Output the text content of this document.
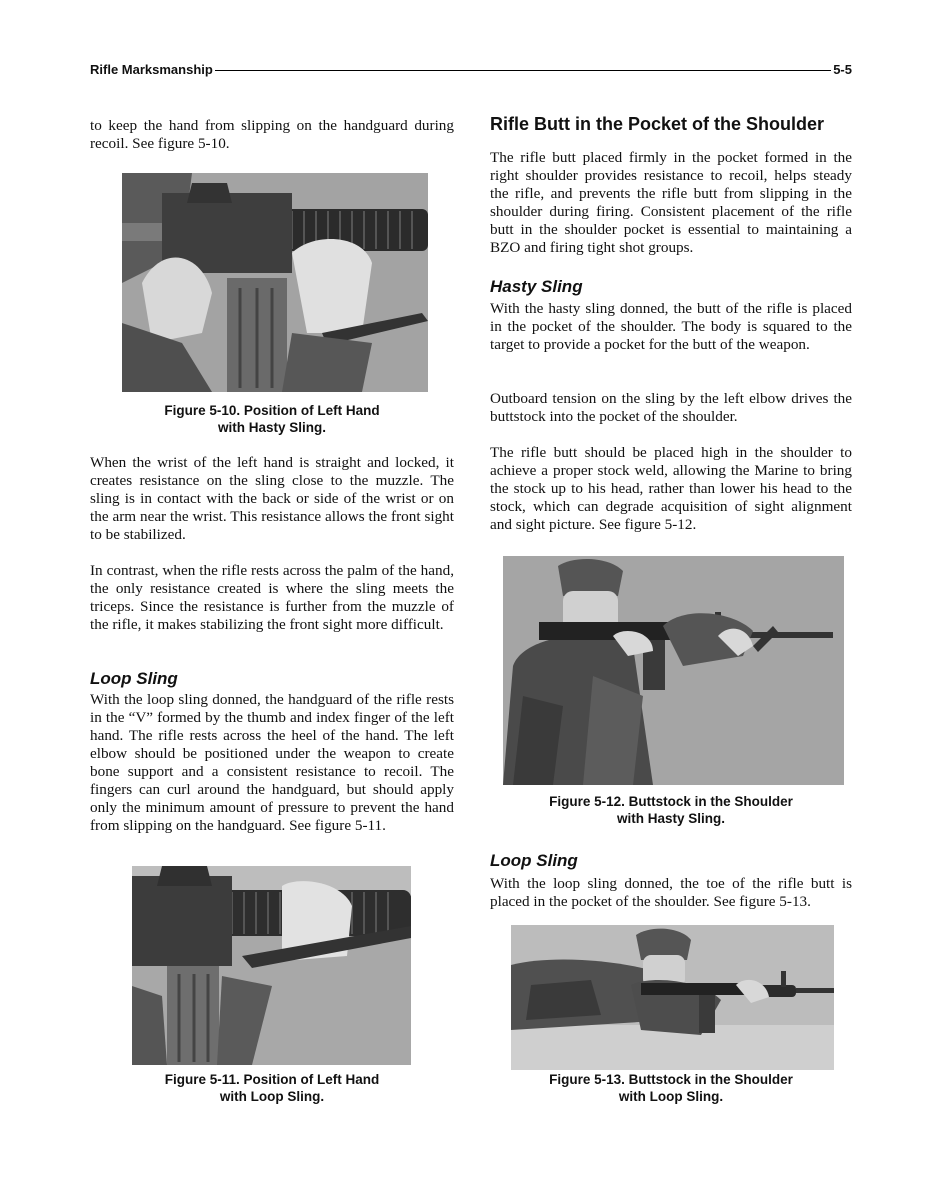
Rifle Marksmanship	5-5

to keep the hand from slipping on the handguard during recoil. See figure 5-10.

Figure 5-10. Position of Left Hand

with Hasty Sling.

When the wrist of the left hand is straight and locked, it creates resistance on the sling close to the muzzle. The sling is in contact with the back or side of the wrist or on the arm near the wrist. This resistance allows the front sight to be stabilized.

In contrast, when the rifle rests across the palm of the hand, the only resistance created is where the sling meets the triceps. Since the resistance is further from the muzzle of the rifle, it makes stabilizing the front sight more difficult.

Loop Sling

With the loop sling donned, the handguard of the rifle rests in the “V” formed by the thumb and index finger of the left hand. The rifle rests across the heel of the hand. The left elbow should be positioned under the weapon to create bone support and a consistent resistance to recoil. The fingers can curl around the handguard, but should apply only the minimum amount of pressure to prevent the hand from slipping on the handguard. See figure 5-11.

Figure 5-11. Position of Left Hand

with Loop Sling.

Rifle Butt in the Pocket of the Shoulder

The rifle butt placed firmly in the pocket formed in the right shoulder provides resistance to recoil, helps steady the rifle, and prevents the rifle butt from slipping in the shoulder during firing. Consistent placement of the rifle butt in the shoulder pocket is essential to maintaining a BZO and firing tight shot groups.

Hasty Sling

With the hasty sling donned, the butt of the rifle is placed in the pocket of the shoulder. The body is squared to the target to provide a pocket for the butt of the weapon.

Outboard tension on the sling by the left elbow drives the buttstock into the pocket of the shoulder.

The rifle butt should be placed high in the shoulder to achieve a proper stock weld, allowing the Marine to bring the stock up to his head, rather than lower his head to the stock, which can degrade acquisition of sight alignment and sight picture. See figure 5-12.

Figure 5-12. Buttstock in the Shoulder

with Hasty Sling.

Loop Sling

With the loop sling donned, the toe of the rifle butt is placed in the pocket of the shoulder. See figure 5-13.

Figure 5-13. Buttstock in the Shoulder

with Loop Sling.
